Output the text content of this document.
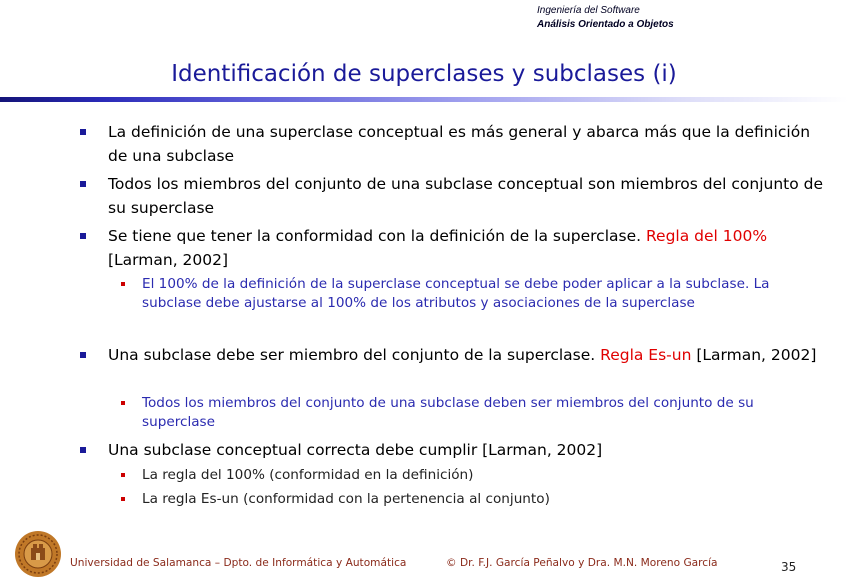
Ingeniería del Software
Análisis Orientado a Objetos
Identificación de superclases y subclases (i)
La definición de una superclase conceptual es más general y abarca más que la definición de una subclase
Todos los miembros del conjunto de una subclase conceptual son miembros del conjunto de su superclase
Se tiene que tener la conformidad con la definición de la superclase. Regla del 100% [Larman, 2002]
El 100% de la definición de la superclase conceptual se debe poder aplicar a la subclase. La subclase debe ajustarse al 100% de los atributos y asociaciones de la superclase
Una subclase debe ser miembro del conjunto de la superclase. Regla Es-un [Larman, 2002]
Todos los miembros del conjunto de una subclase deben ser miembros del conjunto de su superclase
Una subclase conceptual correcta debe cumplir [Larman, 2002]
La regla del 100% (conformidad en la definición)
La regla Es-un (conformidad con la pertenencia al conjunto)
Universidad de Salamanca – Dpto. de Informática y Automática	© Dr. F.J. García Peñalvo y Dra. M.N. Moreno García	35
